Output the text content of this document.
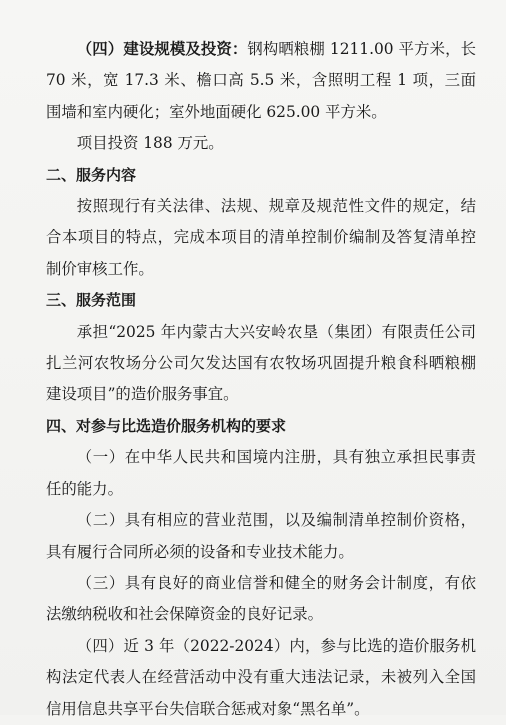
（四）建设规模及投资：钢构晒粮棚 1211.00 平方米，长 70 米，宽 17.3 米、檐口高 5.5 米，含照明工程 1 项，三面围墙和室内硬化；室外地面硬化 625.00 平方米。

项目投资 188 万元。

二、服务内容

按照现行有关法律、法规、规章及规范性文件的规定，结合本项目的特点，完成本项目的清单控制价编制及答复清单控制价审核工作。

三、服务范围

承担“2025 年内蒙古大兴安岭农垦（集团）有限责任公司扎兰河农牧场分公司欠发达国有农牧场巩固提升粮食科晒粮棚建设项目”的造价服务事宜。

四、对参与比选造价服务机构的要求

（一）在中华人民共和国境内注册，具有独立承担民事责任的能力。

（二）具有相应的营业范围，以及编制清单控制价资格，具有履行合同所必须的设备和专业技术能力。

（三）具有良好的商业信誉和健全的财务会计制度，有依法缴纳税收和社会保障资金的良好记录。

（四）近 3 年（2022-2024）内，参与比选的造价服务机构法定代表人在经营活动中没有重大违法记录，未被列入全国信用信息共享平台失信联合惩戒对象“黑名单”。
